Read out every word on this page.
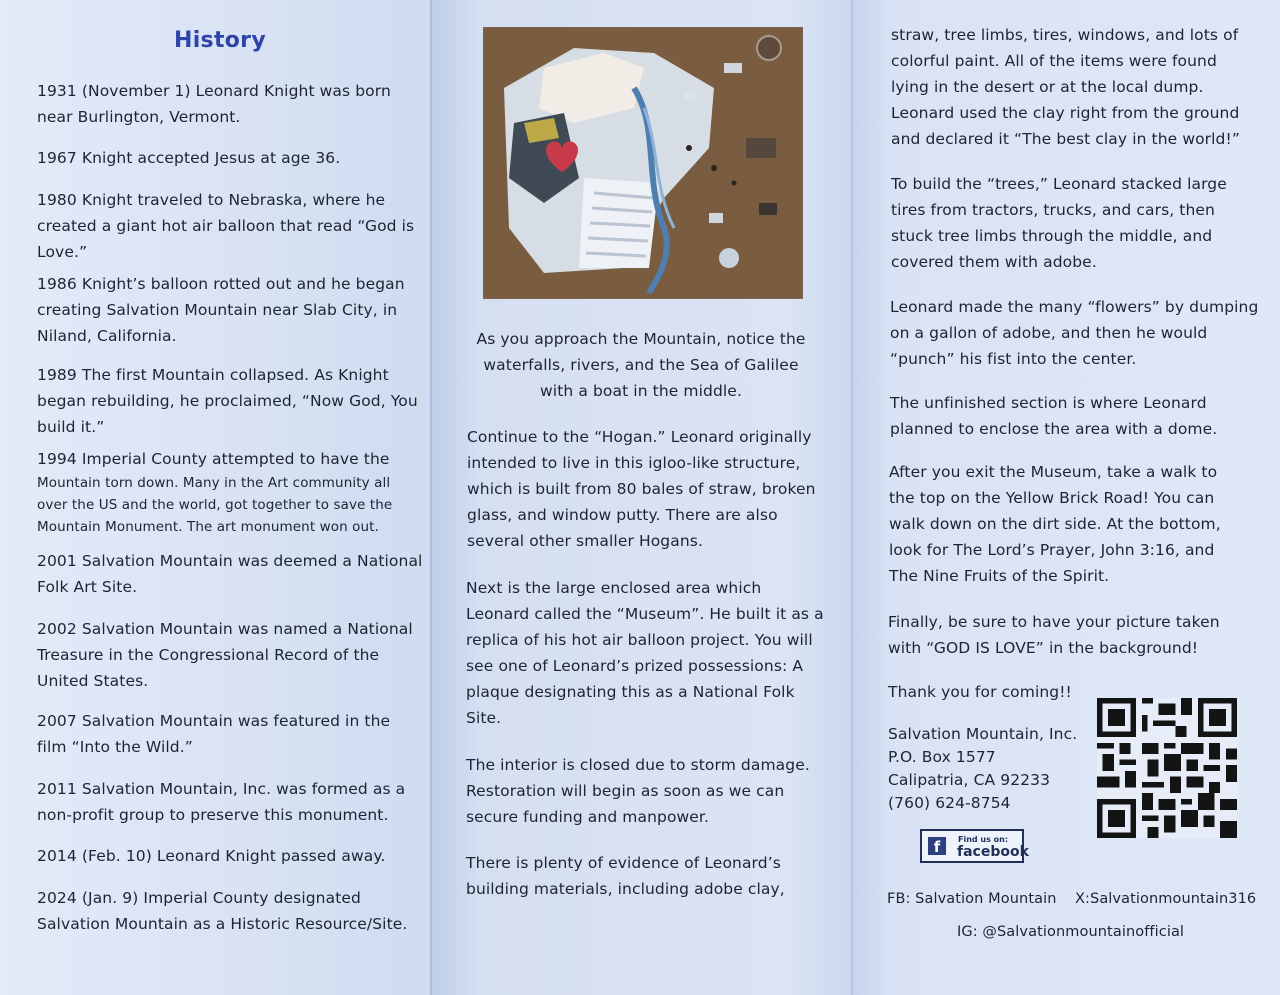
History
1931 (November 1) Leonard Knight was born
near Burlington, Vermont.
1967 Knight accepted Jesus at age 36.
1980 Knight traveled to Nebraska, where he
created a giant hot air balloon that read “God is
Love.”
1986 Knight’s balloon rotted out and he began
creating Salvation Mountain near Slab City, in
Niland, California.
1989 The first Mountain collapsed. As Knight
began rebuilding, he proclaimed, “Now God, You
build it.”
1994 Imperial County attempted to have the
Mountain torn down. Many in the Art community all
over the US and the world, got together to save the
Mountain Monument. The art monument won out.
2001 Salvation Mountain was deemed a National
Folk Art Site.
2002 Salvation Mountain was named a National
Treasure in the Congressional Record of the
United States.
2007 Salvation Mountain was featured in the
film “Into the Wild.”
2011 Salvation Mountain, Inc. was formed as a
non-profit group to preserve this monument.
2014 (Feb. 10) Leonard Knight passed away.
2024 (Jan. 9) Imperial County designated
Salvation Mountain as a Historic Resource/Site.
As you approach the Mountain, notice the
waterfalls, rivers, and the Sea of Galilee
with a boat in the middle.
Continue to the “Hogan.” Leonard originally
intended to live in this igloo-like structure,
which is built from 80 bales of straw, broken
glass, and window putty. There are also
several other smaller Hogans.
Next is the large enclosed area which
Leonard called the “Museum”. He built it as a
replica of his hot air balloon project. You will
see one of Leonard’s prized possessions: A
plaque designating this as a National Folk
Site.
The interior is closed due to storm damage.
Restoration will begin as soon as we can
secure funding and manpower.
There is plenty of evidence of Leonard’s
building materials, including adobe clay,
straw, tree limbs, tires, windows, and lots of
colorful paint. All of the items were found
lying in the desert or at the local dump.
Leonard used the clay right from the ground
and declared it “The best clay in the world!”
To build the “trees,” Leonard stacked large
tires from tractors, trucks, and cars, then
stuck tree limbs through the middle, and
covered them with adobe.
Leonard made the many “flowers” by dumping
on a gallon of adobe, and then he would
“punch” his fist into the center.
The unfinished section is where Leonard
planned to enclose the area with a dome.
After you exit the Museum, take a walk to
the top on the Yellow Brick Road! You can
walk down on the dirt side. At the bottom,
look for The Lord’s Prayer, John 3:16, and
The Nine Fruits of the Spirit.
Finally, be sure to have your picture taken
with “GOD IS LOVE” in the background!
Thank you for coming!!
Salvation Mountain, Inc.
P.O. Box 1577
Calipatria, CA 92233
(760) 624-8754
f	Find us on:
facebook
FB: Salvation Mountain X:Salvationmountain316
IG: @Salvationmountainofficial
